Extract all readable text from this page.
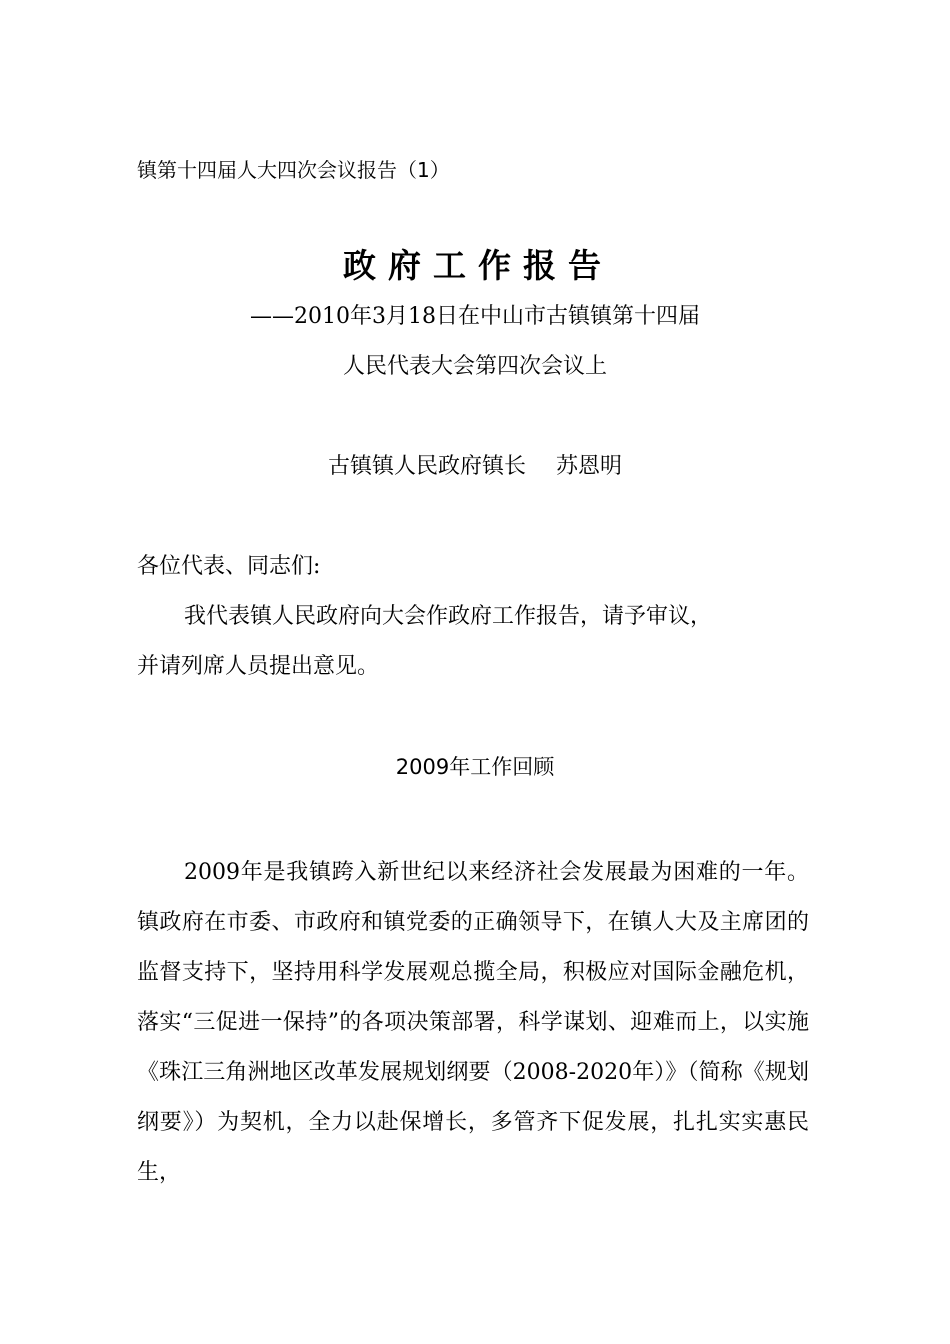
镇第十四届人大四次会议报告（1）
政府工作报告
——2010年3月18日在中山市古镇镇第十四届
人民代表大会第四次会议上
古镇镇人民政府镇长 苏恩明
各位代表、同志们:
我代表镇人民政府向大会作政府工作报告，请予审议，
并请列席人员提出意见。
2009年工作回顾
2009年是我镇跨入新世纪以来经济社会发展最为困难的一年。镇政府在市委、市政府和镇党委的正确领导下，在镇人大及主席团的监督支持下，坚持用科学发展观总揽全局，积极应对国际金融危机，落实“三促进一保持”的各项决策部署，科学谋划、迎难而上，以实施《珠江三角洲地区改革发展规划纲要（2008-2020年）》（简称《规划纲要》）为契机，全力以赴保增长，多管齐下促发展，扎扎实实惠民生，
